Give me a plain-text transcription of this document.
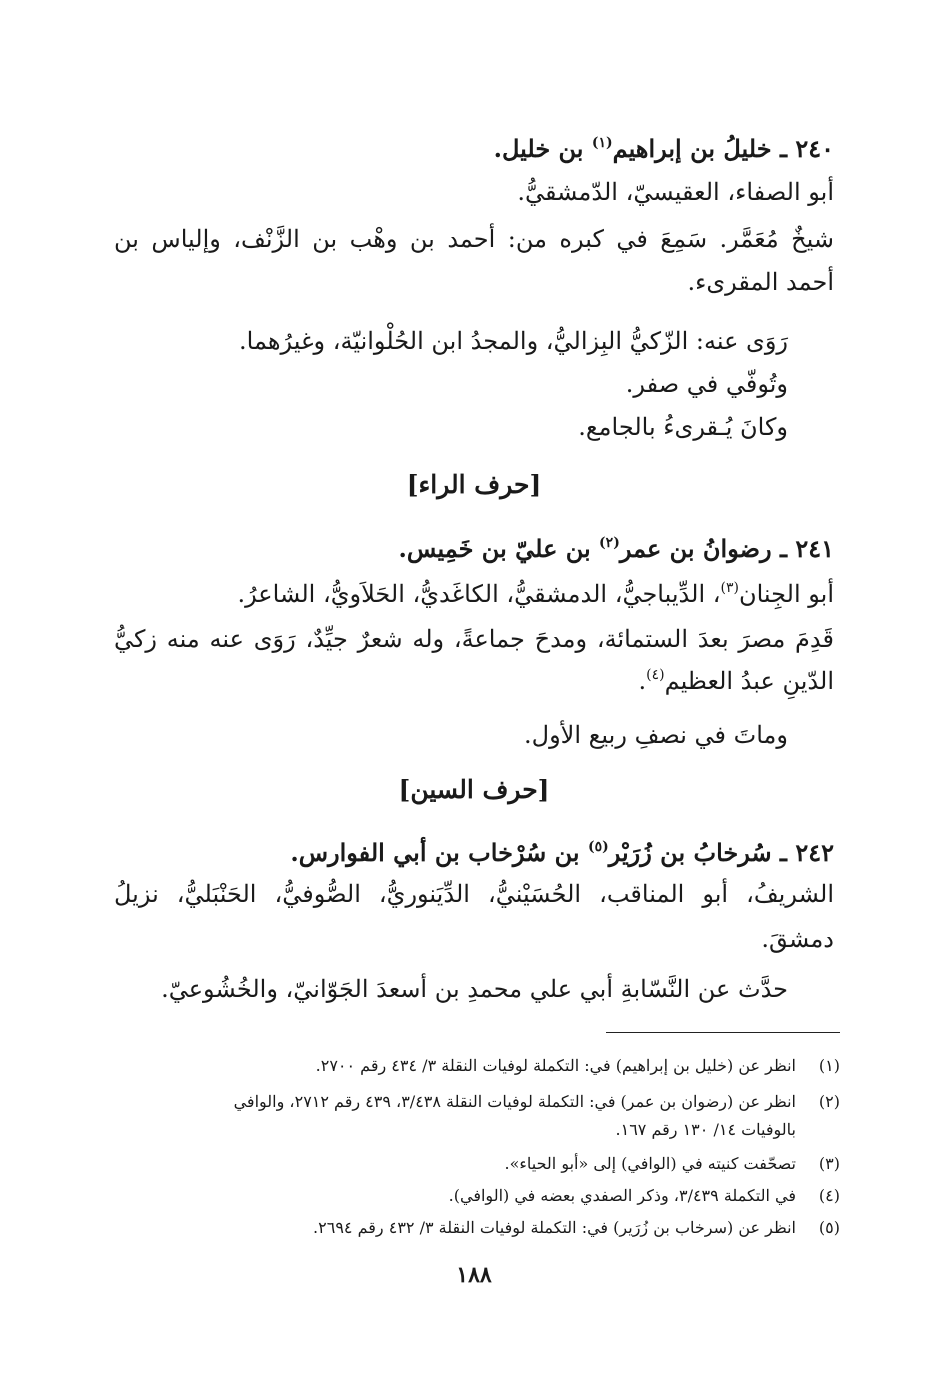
٢٤٠ ـ خليلُ بن إبراهيم$^{(١)}$ بن خليل.
أبو الصفاء، العقيسيّ، الدّمشقيُّ.
شيخٌ مُعَمَّر. سَمِعَ في كبره من: أحمد بن وهْب بن الزَّنْف، وإلياس بن
أحمد المقرىء.
رَوَى عنه: الزّكيُّ البِزاليُّ، والمجدُ ابن الحُلْوانيّة، وغيرُهما.
وتُوفّي في صفر.
وكانَ يُـقرىءُ بالجامع.
[حرف الراء]
٢٤١ ـ رضوانُ بن عمر$^{(٢)}$ بن عليّ بن خَمِيس.
أبو الجِنان$^{(٣)}$، الدِّيباجيُّ، الدمشقيُّ، الكاغَديُّ، الحَلاَويُّ، الشاعرُ.
قَدِمَ مصرَ بعدَ الستمائة، ومدحَ جماعةً، وله شعرٌ جيِّدٌ، رَوَى عنه منه زكيُّ
الدّينِ عبدُ العظيم$^{(٤)}$.
وماتَ في نصفِ ربيع الأول.
[حرف السين]
٢٤٢ ـ سُرخابُ بن زُرَيْر$^{(٥)}$ بن سُرْخاب بن أبي الفوارس.
الشريفُ، أبو المناقب، الحُسَيْنيُّ، الدِّيَنوريُّ، الصُّوفيُّ، الحَنْبَليُّ، نزيلُ
دمشقَ.
حدَّث عن النَّسّابةِ أبي علي محمدِ بن أسعدَ الجَوّانيّ، والخُشُوعيّ.
(١)انظر عن (خليل بن إبراهيم) في: التكملة لوفيات النقلة ٣/ ٤٣٤ رقم ٢٧٠٠.
(٢)انظر عن (رضوان بن عمر) في: التكملة لوفيات النقلة ٣/٤٣٨، ٤٣٩ رقم ٢٧١٢، والوافي
بالوفيات ١٤/ ١٣٠ رقم ١٦٧.
(٣)تصحّفت كنيته في (الوافي) إلى «أبو الحياء».
(٤)في التكملة ٣/٤٣٩، وذكر الصفدي بعضه في (الوافي).
(٥)انظر عن (سرخاب بن زُرَير) في: التكملة لوفيات النقلة ٣/ ٤٣٢ رقم ٢٦٩٤.
١٨٨
